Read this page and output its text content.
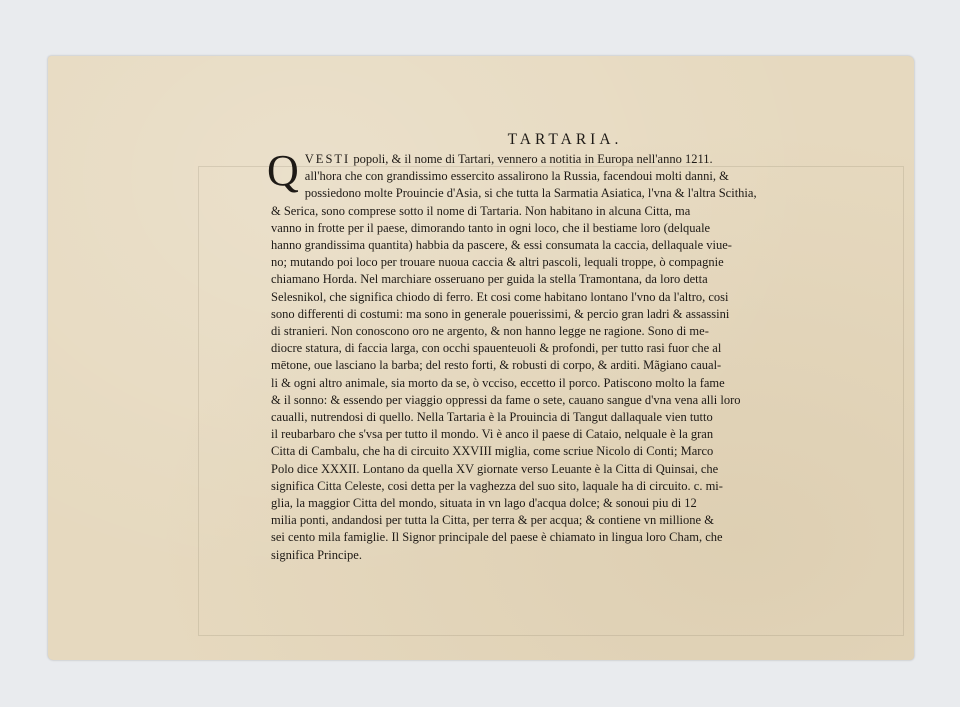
TARTARIA.
Q VESTI popoli, & il nome di Tartari, vennero a notitia in Europa nell'anno 1211.
all'hora che con grandissimo essercito assalirono la Russia, facendoui molti danni, &
possiedono molte Prouincie d'Asia, si che tutta la Sarmatia Asiatica, l'vna & l'altra Scithia,
& Serica, sono comprese sotto il nome di Tartaria. Non habitano in alcuna Citta, ma
vanno in frotte per il paese, dimorando tanto in ogni loco, che il bestiame loro (delquale
hanno grandissima quantita) habbia da pascere, & essi consumata la caccia, dellaquale viue-
no; mutando poi loco per trouare nuoua caccia & altri pascoli, lequali troppe, ò compagnie
chiamano Horda. Nel marchiare osseruano per guida la stella Tramontana, da loro detta
Selesnikol, che significa chiodo di ferro. Et cosi come habitano lontano l'vno da l'altro, cosi
sono differenti di costumi: ma sono in generale pouerissimi, & percio gran ladri & assassini
di stranieri. Non conoscono oro ne argento, & non hanno legge ne ragione. Sono di me-
diocre statura, di faccia larga, con occhi spauenteuoli & profondi, per tutto rasi fuor che al
mētone, oue lasciano la barba; del resto forti, & robusti di corpo, & arditi. Mãgiano caual-
li & ogni altro animale, sia morto da se, ò vcciso, eccetto il porco. Patiscono molto la fame
& il sonno: & essendo per viaggio oppressi da fame o sete, cauano sangue d'vna vena alli loro
caualli, nutrendosi di quello. Nella Tartaria è la Prouincia di Tangut dallaquale vien tutto
il reubarbaro che s'vsa per tutto il mondo. Vi è anco il paese di Cataio, nelquale è la gran
Citta di Cambalu, che ha di circuito XXVIII miglia, come scriue Nicolo di Conti; Marco
Polo dice XXXII. Lontano da quella XV giornate verso Leuante è la Citta di Quinsai, che
significa Citta Celeste, cosi detta per la vaghezza del suo sito, laquale ha di circuito. c. mi-
glia, la maggior Citta del mondo, situata in vn lago d'acqua dolce; & sonoui piu di 12
milia ponti, andandosi per tutta la Citta, per terra & per acqua; & contiene vn millione &
sei cento mila famiglie. Il Signor principale del paese è chiamato in lingua loro Cham, che
significa Principe.
